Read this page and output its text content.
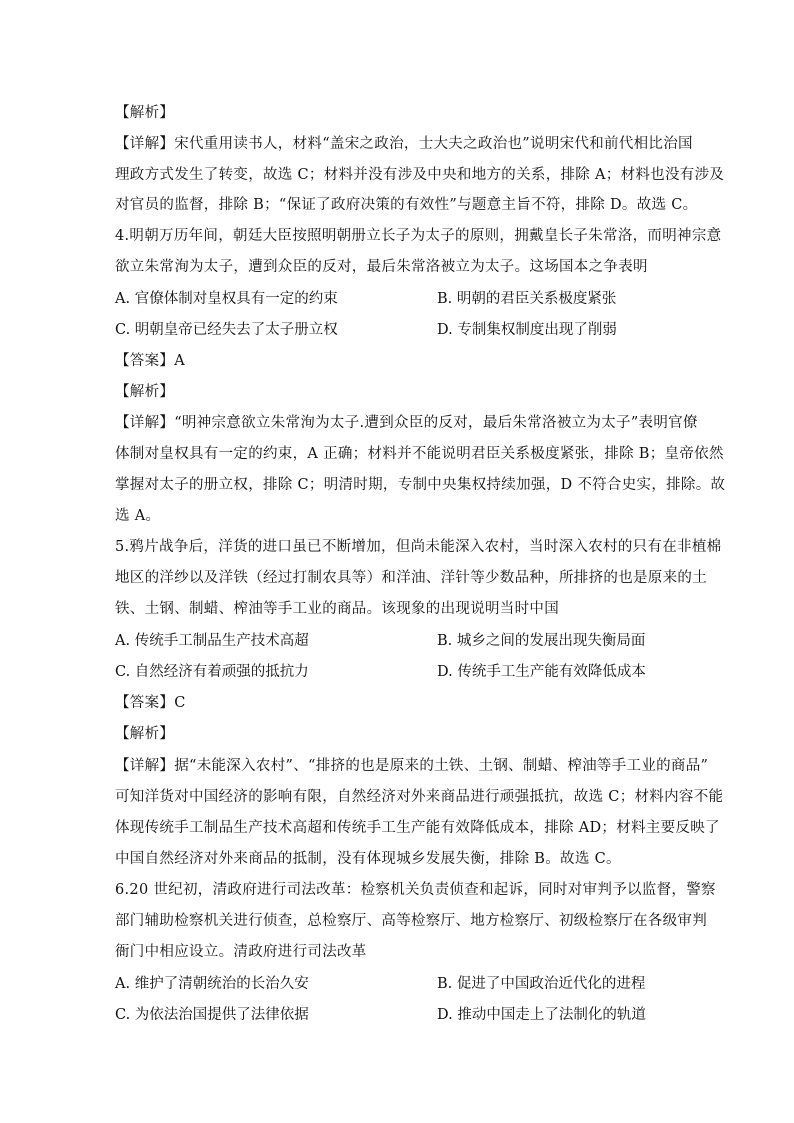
【解析】
【详解】宋代重用读书人，材料“盖宋之政治，士大夫之政治也”说明宋代和前代相比治国
理政方式发生了转变，故选 C；材料并没有涉及中央和地方的关系，排除 A；材料也没有涉及
对官员的监督，排除 B；“保证了政府决策的有效性”与题意主旨不符，排除 D。故选 C。
4.明朝万历年间，朝廷大臣按照明朝册立长子为太子的原则，拥戴皇长子朱常洛，而明神宗意
欲立朱常洵为太子，遭到众臣的反对，最后朱常洛被立为太子。这场国本之争表明
A. 官僚体制对皇权具有一定的约束	B. 明朝的君臣关系极度紧张
C. 明朝皇帝已经失去了太子册立权	D. 专制集权制度出现了削弱
【答案】A
【解析】
【详解】“明神宗意欲立朱常洵为太子.遭到众臣的反对，最后朱常洛被立为太子”表明官僚
体制对皇权具有一定的约束，A 正确；材料并不能说明君臣关系极度紧张，排除 B；皇帝依然
掌握对太子的册立权，排除 C；明清时期，专制中央集权持续加强，D 不符合史实，排除。故
选 A。
5.鸦片战争后，洋货的进口虽已不断增加，但尚未能深入农村，当时深入农村的只有在非植棉
地区的洋纱以及洋铁（经过打制农具等）和洋油、洋针等少数品种，所排挤的也是原来的土
铁、土钢、制蜡、榨油等手工业的商品。该现象的出现说明当时中国
A. 传统手工制品生产技术高超	B. 城乡之间的发展出现失衡局面
C. 自然经济有着顽强的抵抗力	D. 传统手工生产能有效降低成本
【答案】C
【解析】
【详解】据“未能深入农村”、“排挤的也是原来的土铁、土钢、制蜡、榨油等手工业的商品”
可知洋货对中国经济的影响有限，自然经济对外来商品进行顽强抵抗，故选 C；材料内容不能
体现传统手工制品生产技术高超和传统手工生产能有效降低成本，排除 AD；材料主要反映了
中国自然经济对外来商品的抵制，没有体现城乡发展失衡，排除 B。故选 C。
6.20 世纪初，清政府进行司法改革：检察机关负责侦查和起诉，同时对审判予以监督，警察
部门辅助检察机关进行侦查，总检察厅、高等检察厅、地方检察厅、初级检察厅在各级审判
衙门中相应设立。清政府进行司法改革
A. 维护了清朝统治的长治久安	B. 促进了中国政治近代化的进程
C. 为依法治国提供了法律依据	D. 推动中国走上了法制化的轨道
